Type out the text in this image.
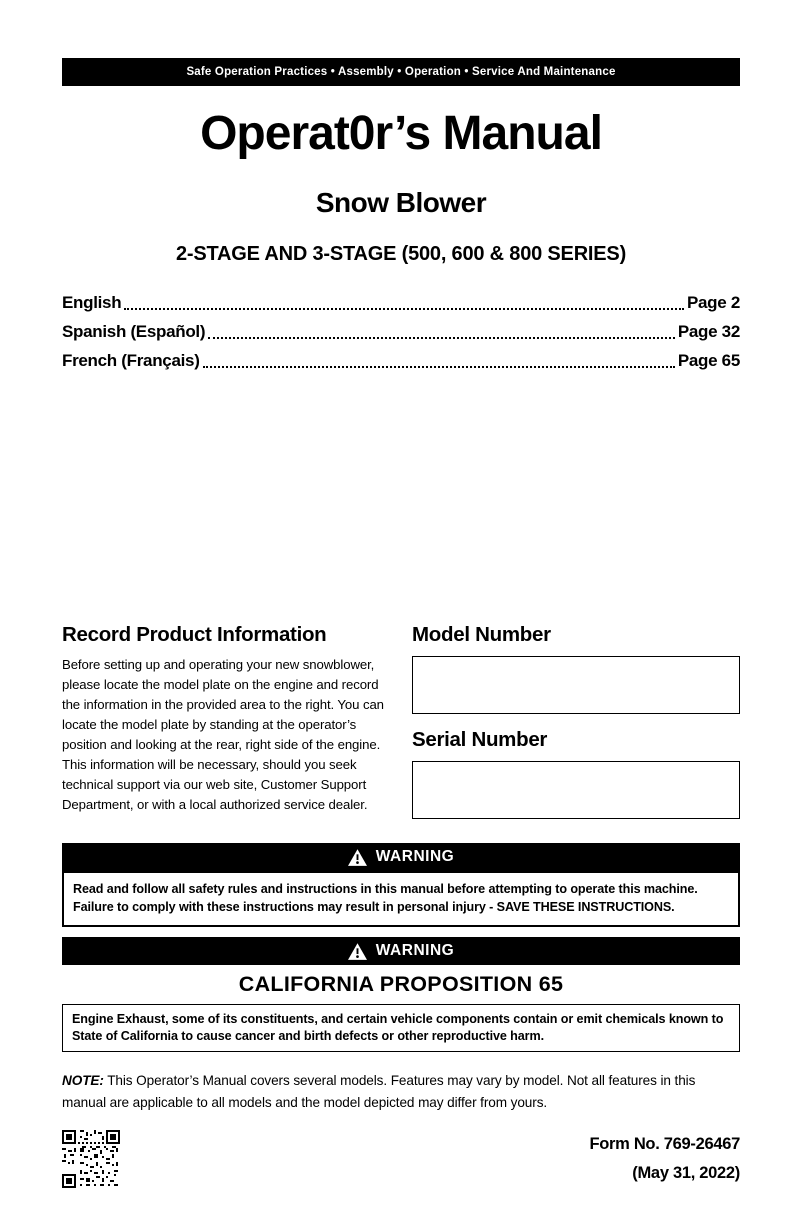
Safe Operation Practices • Assembly • Operation • Service And Maintenance
Operat0r’s Manual
Snow Blower
2-STAGE AND 3-STAGE (500, 600 & 800 SERIES)
English	Page 2
Spanish (Español)	Page 32
French (Français)	Page 65
Record Product Information
Before setting up and operating your new snowblower, please locate the model plate on the engine and record the information in the provided area to the right. You can locate the model plate by standing at the operator’s position and looking at the rear, right side of the engine. This information will be necessary, should you seek technical support via our web site, Customer Support Department, or with a local authorized service dealer.
Model Number
Serial Number
WARNING

Read and follow all safety rules and instructions in this manual before attempting to operate this machine.

Failure to comply with these instructions may result in personal injury - SAVE THESE INSTRUCTIONS.

WARNING
CALIFORNIA PROPOSITION 65
Engine Exhaust, some of its constituents, and certain vehicle components contain or emit chemicals known to State of California to cause cancer and birth defects or other reproductive harm.
NOTE: This Operator’s Manual covers several models. Features may vary by model. Not all features in this manual are applicable to all models and the model depicted may differ from yours.
Form No. 769-26467
(May 31, 2022)
